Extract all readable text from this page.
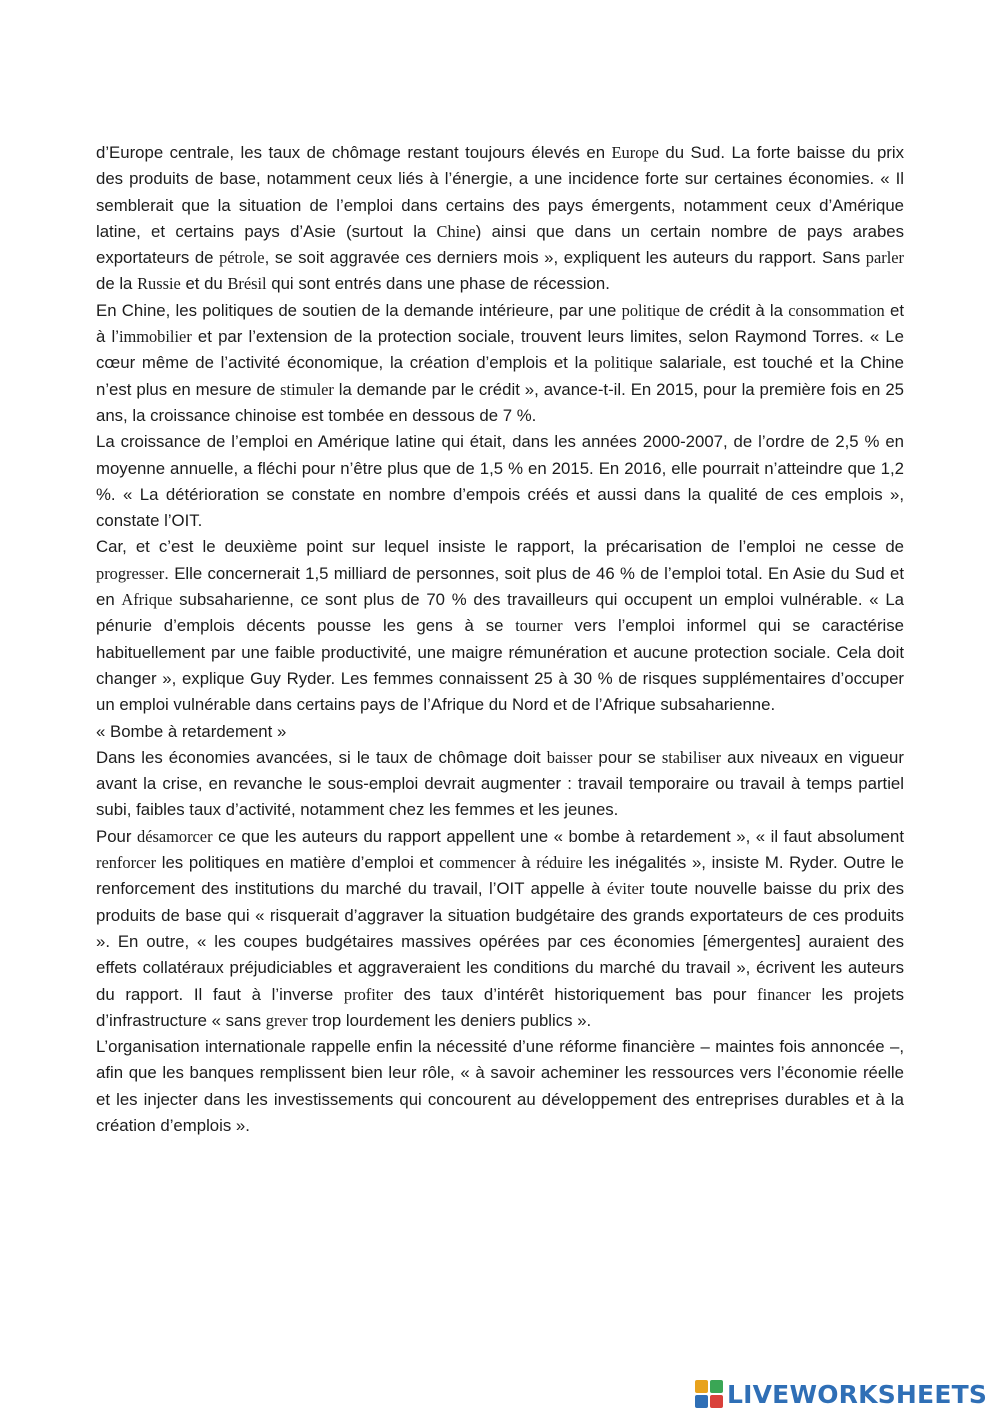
d’Europe centrale, les taux de chômage restant toujours élevés en Europe du Sud. La forte baisse du prix des produits de base, notamment ceux liés à l’énergie, a une incidence forte sur certaines économies. « Il semblerait que la situation de l’emploi dans certains des pays émergents, notamment ceux d’Amérique latine, et certains pays d’Asie (surtout la Chine) ainsi que dans un certain nombre de pays arabes exportateurs de pétrole, se soit aggravée ces derniers mois », expliquent les auteurs du rapport. Sans parler de la Russie et du Brésil qui sont entrés dans une phase de récession.

En Chine, les politiques de soutien de la demande intérieure, par une politique de crédit à la consommation et à l’immobilier et par l’extension de la protection sociale, trouvent leurs limites, selon Raymond Torres. « Le cœur même de l’activité économique, la création d’emplois et la politique salariale, est touché et la Chine n’est plus en mesure de stimuler la demande par le crédit », avance-t-il. En 2015, pour la première fois en 25 ans, la croissance chinoise est tombée en dessous de 7 %.

La croissance de l’emploi en Amérique latine qui était, dans les années 2000-2007, de l’ordre de 2,5 % en moyenne annuelle, a fléchi pour n’être plus que de 1,5 % en 2015. En 2016, elle pourrait n’atteindre que 1,2 %. « La détérioration se constate en nombre d’empois créés et aussi dans la qualité de ces emplois », constate l’OIT.

Car, et c’est le deuxième point sur lequel insiste le rapport, la précarisation de l’emploi ne cesse de progresser. Elle concernerait 1,5 milliard de personnes, soit plus de 46 % de l’emploi total. En Asie du Sud et en Afrique subsaharienne, ce sont plus de 70 % des travailleurs qui occupent un emploi vulnérable. « La pénurie d’emplois décents pousse les gens à se tourner vers l’emploi informel qui se caractérise habituellement par une faible productivité, une maigre rémunération et aucune protection sociale. Cela doit changer », explique Guy Ryder. Les femmes connaissent 25 à 30 % de risques supplémentaires d’occuper un emploi vulnérable dans certains pays de l’Afrique du Nord et de l’Afrique subsaharienne.

« Bombe à retardement »

Dans les économies avancées, si le taux de chômage doit baisser pour se stabiliser aux niveaux en vigueur avant la crise, en revanche le sous-emploi devrait augmenter : travail temporaire ou travail à temps partiel subi, faibles taux d’activité, notamment chez les femmes et les jeunes.

Pour désamorcer ce que les auteurs du rapport appellent une « bombe à retardement », « il faut absolument renforcer les politiques en matière d’emploi et commencer à réduire les inégalités », insiste M. Ryder. Outre le renforcement des institutions du marché du travail, l’OIT appelle à éviter toute nouvelle baisse du prix des produits de base qui « risquerait d’aggraver la situation budgétaire des grands exportateurs de ces produits ». En outre, « les coupes budgétaires massives opérées par ces économies [émergentes] auraient des effets collatéraux préjudiciables et aggraveraient les conditions du marché du travail », écrivent les auteurs du rapport. Il faut à l’inverse profiter des taux d’intérêt historiquement bas pour financer les projets d’infrastructure « sans grever trop lourdement les deniers publics ».

L’organisation internationale rappelle enfin la nécessité d’une réforme financière – maintes fois annoncée –, afin que les banques remplissent bien leur rôle, « à savoir acheminer les ressources vers l’économie réelle et les injecter dans les investissements qui concourent au développement des entreprises durables et à la création d’emplois ».

LIVEWORKSHEETS
